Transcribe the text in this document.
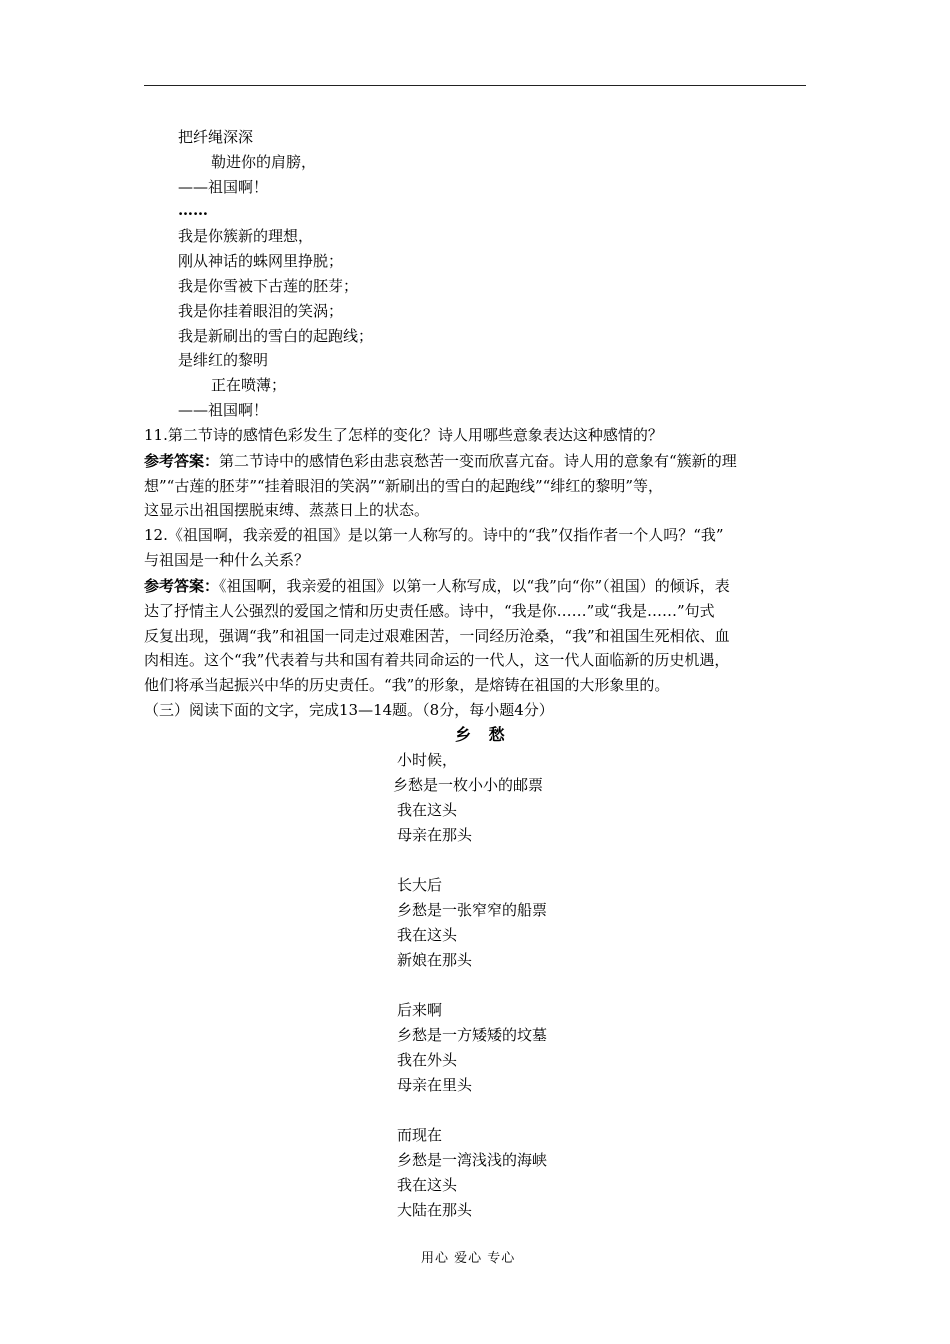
把纤绳深深
勒进你的肩膀，
——祖国啊！
……
我是你簇新的理想，
刚从神话的蛛网里挣脱；
我是你雪被下古莲的胚芽；
我是你挂着眼泪的笑涡；
我是新刷出的雪白的起跑线；
是绯红的黎明
正在喷薄；
——祖国啊！
11.第二节诗的感情色彩发生了怎样的变化？诗人用哪些意象表达这种感情的？
参考答案：第二节诗中的感情色彩由悲哀愁苦一变而欣喜亢奋。诗人用的意象有“簇新的理
想”“古莲的胚芽”“挂着眼泪的笑涡”“新刷出的雪白的起跑线”“绯红的黎明”等，
这显示出祖国摆脱束缚、蒸蒸日上的状态。
12.《祖国啊，我亲爱的祖国》是以第一人称写的。诗中的“我”仅指作者一个人吗？“我”
与祖国是一种什么关系？
参考答案：《祖国啊，我亲爱的祖国》以第一人称写成，以“我”向“你”（祖国）的倾诉，表
达了抒情主人公强烈的爱国之情和历史责任感。诗中，“我是你……”或“我是……”句式
反复出现，强调“我”和祖国一同走过艰难困苦，一同经历沧桑，“我”和祖国生死相依、血
肉相连。这个“我”代表着与共和国有着共同命运的一代人，这一代人面临新的历史机遇，
他们将承当起振兴中华的历史责任。“我”的形象，是熔铸在祖国的大形象里的。
（三）阅读下面的文字，完成13—14题。（8分，每小题4分）
乡 愁
小时候，
乡愁是一枚小小的邮票
我在这头
母亲在那头
长大后
乡愁是一张窄窄的船票
我在这头
新娘在那头
后来啊
乡愁是一方矮矮的坟墓
我在外头
母亲在里头
而现在
乡愁是一湾浅浅的海峡
我在这头
大陆在那头
用心 爱心 专心
